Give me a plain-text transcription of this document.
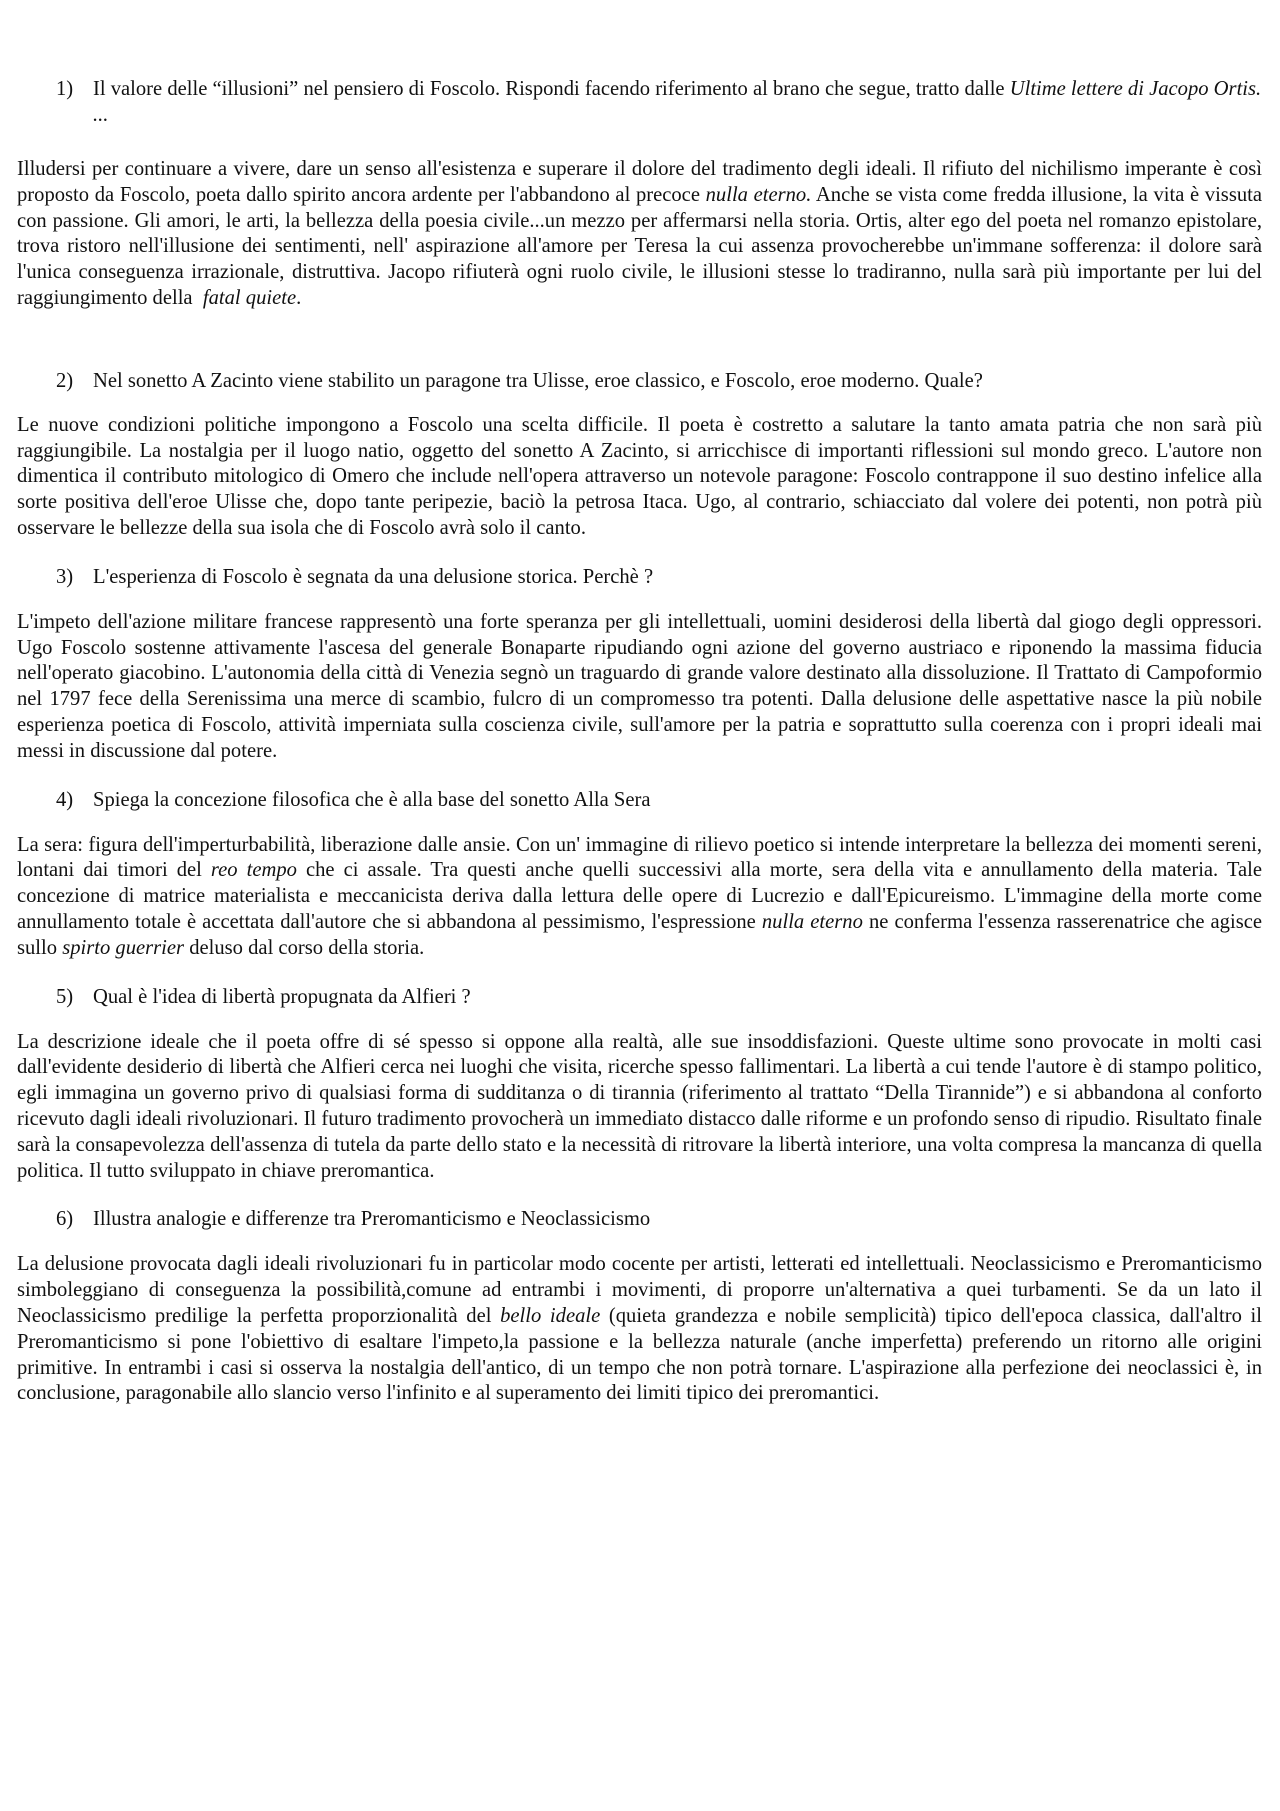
1) Il valore delle “illusioni” nel pensiero di Foscolo. Rispondi facendo riferimento al brano che segue, tratto dalle Ultime lettere di Jacopo Ortis. ...

Illudersi per continuare a vivere, dare un senso all'esistenza e superare il dolore del tradimento degli ideali. Il rifiuto del nichilismo imperante è così proposto da Foscolo, poeta dallo spirito ancora ardente per l'abbandono al precoce nulla eterno. Anche se vista come fredda illusione, la vita è vissuta con passione. Gli amori, le arti, la bellezza della poesia civile...un mezzo per affermarsi nella storia. Ortis, alter ego del poeta nel romanzo epistolare, trova ristoro nell'illusione dei sentimenti, nell' aspirazione all'amore per Teresa la cui assenza provocherebbe un'immane sofferenza: il dolore sarà l'unica conseguenza irrazionale, distruttiva. Jacopo rifiuterà ogni ruolo civile, le illusioni stesse lo tradiranno, nulla sarà più importante per lui del raggiungimento della  fatal quiete.

2) Nel sonetto A Zacinto viene stabilito un paragone tra Ulisse, eroe classico, e Foscolo, eroe moderno. Quale?

Le nuove condizioni politiche impongono a Foscolo una scelta difficile. Il poeta è costretto a salutare la tanto amata patria che non sarà più raggiungibile. La nostalgia per il luogo natio, oggetto del sonetto A Zacinto, si arricchisce di importanti riflessioni sul mondo greco. L'autore non dimentica il contributo mitologico di Omero che include nell'opera attraverso un notevole paragone: Foscolo contrappone il suo destino infelice alla sorte positiva dell'eroe Ulisse che, dopo tante peripezie, baciò la petrosa Itaca. Ugo, al contrario, schiacciato dal volere dei potenti, non potrà più osservare le bellezze della sua isola che di Foscolo avrà solo il canto.

3) L'esperienza di Foscolo è segnata da una delusione storica. Perchè ?

L'impeto dell'azione militare francese rappresentò una forte speranza per gli intellettuali, uomini desiderosi della libertà dal giogo degli oppressori. Ugo Foscolo sostenne attivamente l'ascesa del generale Bonaparte ripudiando ogni azione del governo austriaco e riponendo la massima fiducia nell'operato giacobino. L'autonomia della città di Venezia segnò un traguardo di grande valore destinato alla dissoluzione. Il Trattato di Campoformio nel 1797 fece della Serenissima una merce di scambio, fulcro di un compromesso tra potenti. Dalla delusione delle aspettative nasce la più nobile esperienza poetica di Foscolo, attività imperniata sulla coscienza civile, sull'amore per la patria e soprattutto sulla coerenza con i propri ideali mai messi in discussione dal potere.

4) Spiega la concezione filosofica che è alla base del sonetto Alla Sera

La sera: figura dell'imperturbabilità, liberazione dalle ansie. Con un' immagine di rilievo poetico si intende interpretare la bellezza dei momenti sereni, lontani dai timori del reo tempo che ci assale. Tra questi anche quelli successivi alla morte, sera della vita e annullamento della materia. Tale concezione di matrice materialista e meccanicista deriva dalla lettura delle opere di Lucrezio e dall'Epicureismo. L'immagine della morte come annullamento totale è accettata dall'autore che si abbandona al pessimismo, l'espressione nulla eterno ne conferma l'essenza rasserenatrice che agisce sullo spirto guerrier deluso dal corso della storia.

5) Qual è l'idea di libertà propugnata da Alfieri ?

La descrizione ideale che il poeta offre di sé spesso si oppone alla realtà, alle sue insoddisfazioni. Queste ultime sono provocate in molti casi dall'evidente desiderio di libertà che Alfieri cerca nei luoghi che visita, ricerche spesso fallimentari. La libertà a cui tende l'autore è di stampo politico, egli immagina un governo privo di qualsiasi forma di sudditanza o di tirannia (riferimento al trattato “Della Tirannide”) e si abbandona al conforto ricevuto dagli ideali rivoluzionari. Il futuro tradimento provocherà un immediato distacco dalle riforme e un profondo senso di ripudio. Risultato finale sarà la consapevolezza dell'assenza di tutela da parte dello stato e la necessità di ritrovare la libertà interiore, una volta compresa la mancanza di quella politica. Il tutto sviluppato in chiave preromantica.

6) Illustra analogie e differenze tra Preromanticismo e Neoclassicismo

La delusione provocata dagli ideali rivoluzionari fu in particolar modo cocente per artisti, letterati ed intellettuali. Neoclassicismo e Preromanticismo simboleggiano di conseguenza la possibilità,comune ad entrambi i movimenti, di proporre un'alternativa a quei turbamenti. Se da un lato il Neoclassicismo predilige la perfetta proporzionalità del bello ideale (quieta grandezza e nobile semplicità) tipico dell'epoca classica, dall'altro il Preromanticismo si pone l'obiettivo di esaltare l'impeto,la passione e la bellezza naturale (anche imperfetta) preferendo un ritorno alle origini primitive. In entrambi i casi si osserva la nostalgia dell'antico, di un tempo che non potrà tornare. L'aspirazione alla perfezione dei neoclassici è, in conclusione, paragonabile allo slancio verso l'infinito e al superamento dei limiti tipico dei preromantici.
